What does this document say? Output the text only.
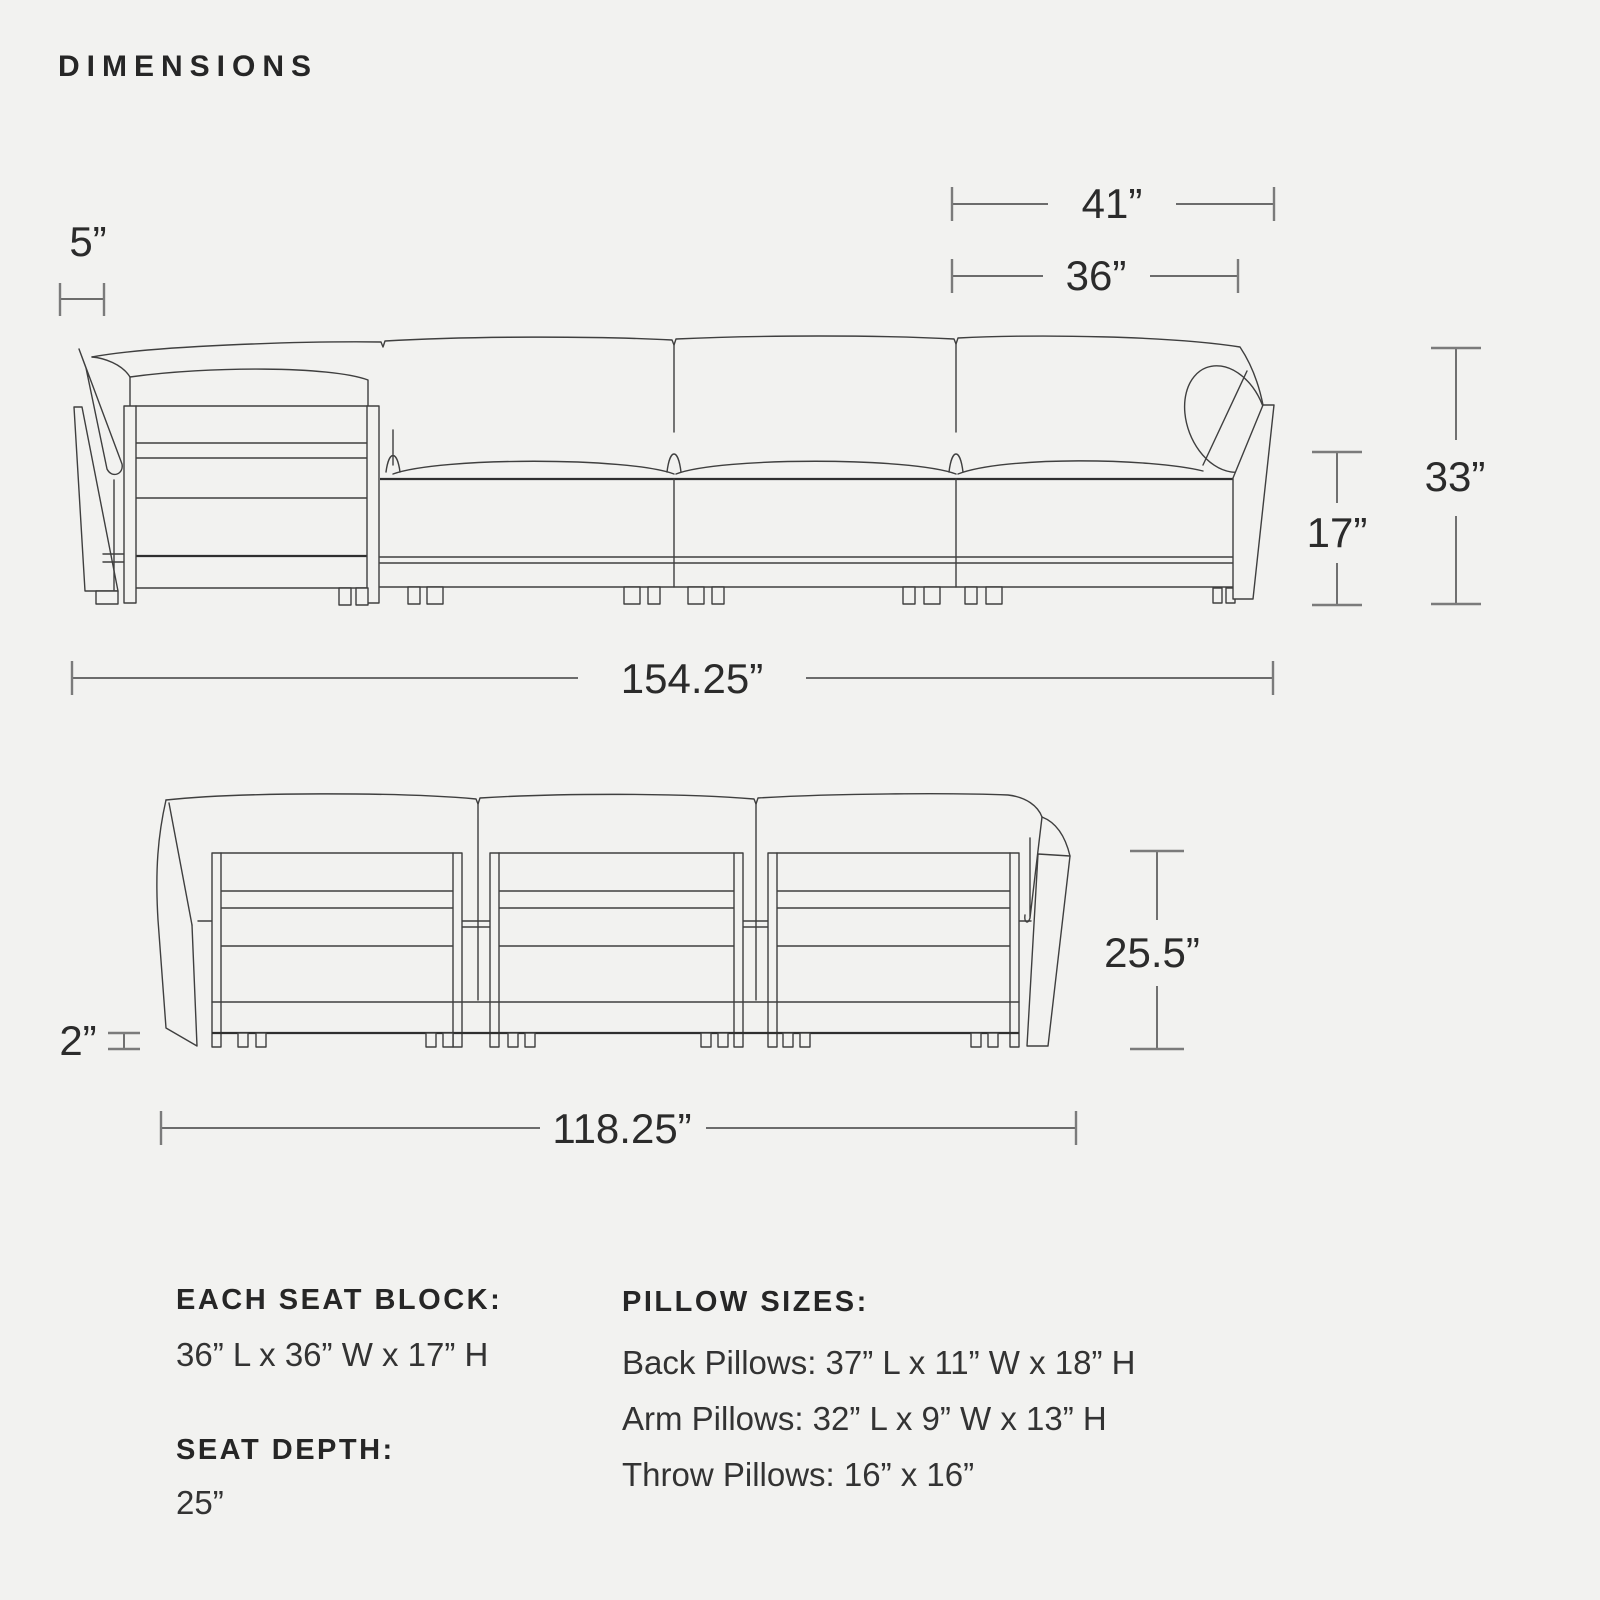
DIMENSIONS
5”
41”
36”
17”
33”
154.25”
2”
25.5”
118.25”
EACH SEAT BLOCK:
36” L x 36” W x 17” H
SEAT DEPTH:
25”
PILLOW SIZES:
Back Pillows: 37” L x 11” W x 18” H
Arm Pillows: 32” L x 9” W x 13” H
Throw Pillows: 16” x 16”
